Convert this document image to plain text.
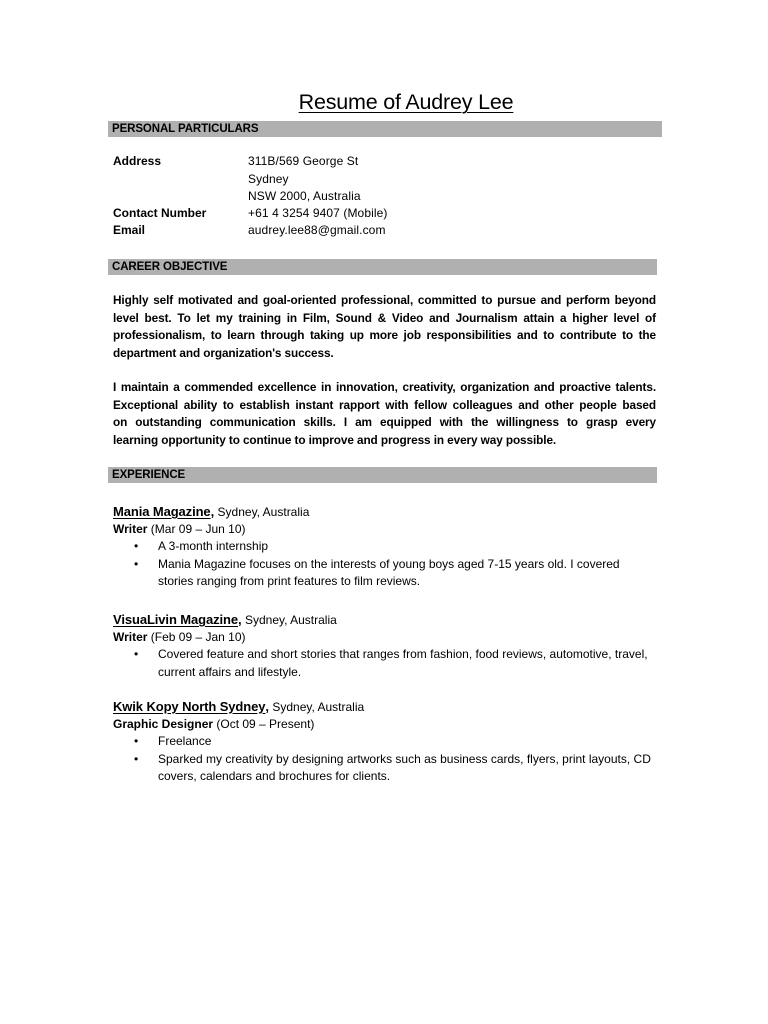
Resume of Audrey Lee
PERSONAL PARTICULARS
Address	311B/569 George St
Sydney
NSW 2000, Australia
Contact Number	+61 4 3254 9407 (Mobile)
Email	audrey.lee88@gmail.com
CAREER OBJECTIVE
Highly self motivated and goal-oriented professional, committed to pursue and perform beyond
level best. To let my training in Film, Sound & Video and Journalism attain a higher level of
professionalism, to learn through taking up more job responsibilities and to contribute to the
department and organization's success.
I maintain a commended excellence in innovation, creativity, organization and proactive talents.
Exceptional ability to establish instant rapport with fellow colleagues and other people based
on outstanding communication skills. I am equipped with the willingness to grasp every
learning opportunity to continue to improve and progress in every way possible.
EXPERIENCE
Mania Magazine, Sydney, Australia
Writer (Mar 09 – Jun 10)
• A 3-month internship
• Mania Magazine focuses on the interests of young boys aged 7-15 years old. I covered stories ranging from print features to film reviews.
VisuaLivin Magazine, Sydney, Australia
Writer (Feb 09 – Jan 10)
• Covered feature and short stories that ranges from fashion, food reviews, automotive, travel, current affairs and lifestyle.
Kwik Kopy North Sydney, Sydney, Australia
Graphic Designer (Oct 09 – Present)
• Freelance
• Sparked my creativity by designing artworks such as business cards, flyers, print layouts, CD covers, calendars and brochures for clients.
